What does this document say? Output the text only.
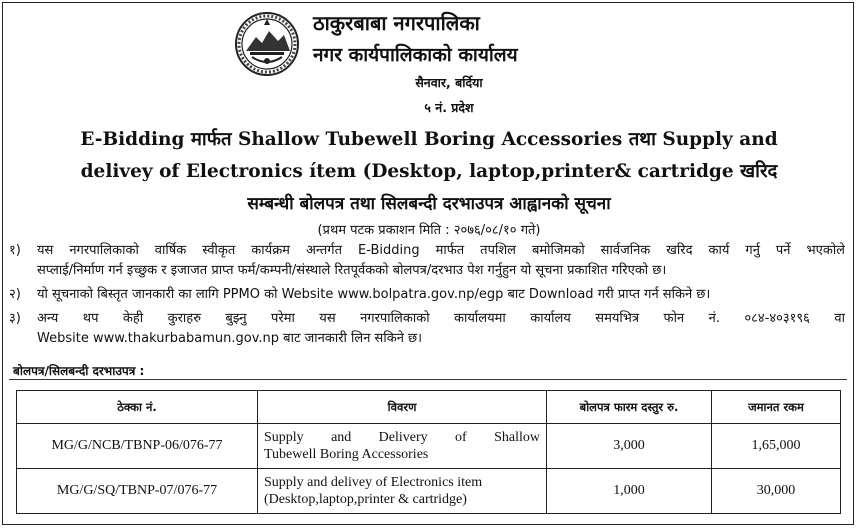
ठाकुरबाबा नगरपालिका
नगर कार्यपालिकाको कार्यालय
सैनवार, बर्दिया
५ नं. प्रदेश
E-Bidding मार्फत Shallow Tubewell Boring Accessories तथा Supply and
delivey of Electronics ítem (Desktop, laptop,printer& cartridge खरिद
सम्बन्धी बोलपत्र तथा सिलबन्दी दरभाउपत्र आह्वानको सूचना
(प्रथम पटक प्रकाशन मिति : २०७६/०८/१० गते)
१) यस नगरपालिकाको वार्षिक स्वीकृत कार्यक्रम अन्तर्गत E-Bidding मार्फत तपशिल बमोजिमको सार्वजनिक खरिद कार्य गर्नु पर्ने भएकोले
सप्लाई/निर्माण गर्न इच्छुक र इजाजत प्राप्त फर्म/कम्पनी/संस्थाले रितपूर्वकको बोलपत्र/दरभाउ पेश गर्नुहुन यो सूचना प्रकाशित गरिएको छ।
२) यो सूचनाको बिस्तृत जानकारी का लागि PPMO को Website www.bolpatra.gov.np/egp बाट Download गरी प्राप्त गर्न सकिने छ।
३) अन्य थप केही कुराहरु बुझ्नु परेमा यस नगरपालिकाको कार्यालयमा कार्यालय समयभित्र फोन नं. ०८४-४०३१९६ वा
Website www.thakurbabamun.gov.np बाट जानकारी लिन सकिने छ।
बोलपत्र/सिलबन्दी दरभाउपत्र :
ठेक्का नं.	विवरण	बोलपत्र फारम दस्तुर रु.	जमानत रकम
MG/G/NCB/TBNP-06/076-77	Supply and Delivery of Shallow
Tubewell Boring Accessories	3,000	1,65,000
MG/G/SQ/TBNP-07/076-77	Supply and delivey of Electronics item
(Desktop,laptop,printer & cartridge)	1,000	30,000
